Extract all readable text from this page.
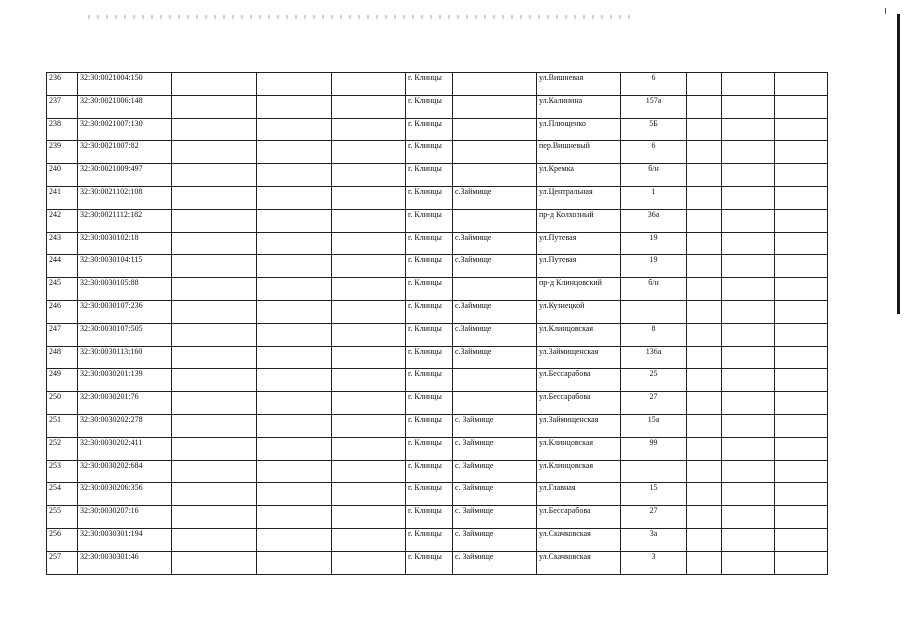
236	32:30:0021004:150				г. Клинцы		ул.Вишневая	6			
237	32:30:0021006:148				г. Клинцы		ул.Калинина	157а			
238	32:30:0021007:130				г. Клинцы		ул.Плющенко	5Б			
239	32:30:0021007:82				г. Клинцы		пер.Вишневый	6			
240	32:30:0021009:497				г. Клинцы		ул.Кремка	б/н			
241	32:30:0021102:108				г. Клинцы	с.Займище	ул.Центральная	1			
242	32:30:0021112:182				г. Клинцы		пр-д Колхозный	36а			
243	32:30:0030102:18				г. Клинцы	с.Займище	ул.Путевая	19			
244	32:30:0030104:115				г. Клинцы	с.Займище	ул.Путевая	19			
245	32:30:0030105:88				г. Клинцы		пр-д Клинцовский	б/н			
246	32:30:0030107:236				г. Клинцы	с.Займище	ул.Кузнецкой				
247	32:30:0030107:505				г. Клинцы	с.Займище	ул.Клинцовская	8			
248	32:30:0030113:160				г. Клинцы	с.Займище	ул.Займищенская	136а			
249	32:30:0030201:139				г. Клинцы		ул.Бессарабова	25			
250	32:30:0030201:76				г. Клинцы		ул.Бессарабова	27			
251	32:30:0030202:278				г. Клинцы	с. Займище	ул.Займищенская	15а			
252	32:30:0030202:411				г. Клинцы	с. Займище	ул.Клинцовская	99			
253	32:30:0030202:684				г. Клинцы	с. Займище	ул.Клинцовская				
254	32:30:0030206:356				г. Клинцы	с. Займище	ул.Главная	15			
255	32:30:0030207:16				г. Клинцы	с. Займище	ул.Бессарабова	27			
256	32:30:0030301:194				г. Клинцы	с. Займище	ул.Скачковская	3а			
257	32:30:0030301:46				г. Клинцы	с. Займище	ул.Скачковская	3			
